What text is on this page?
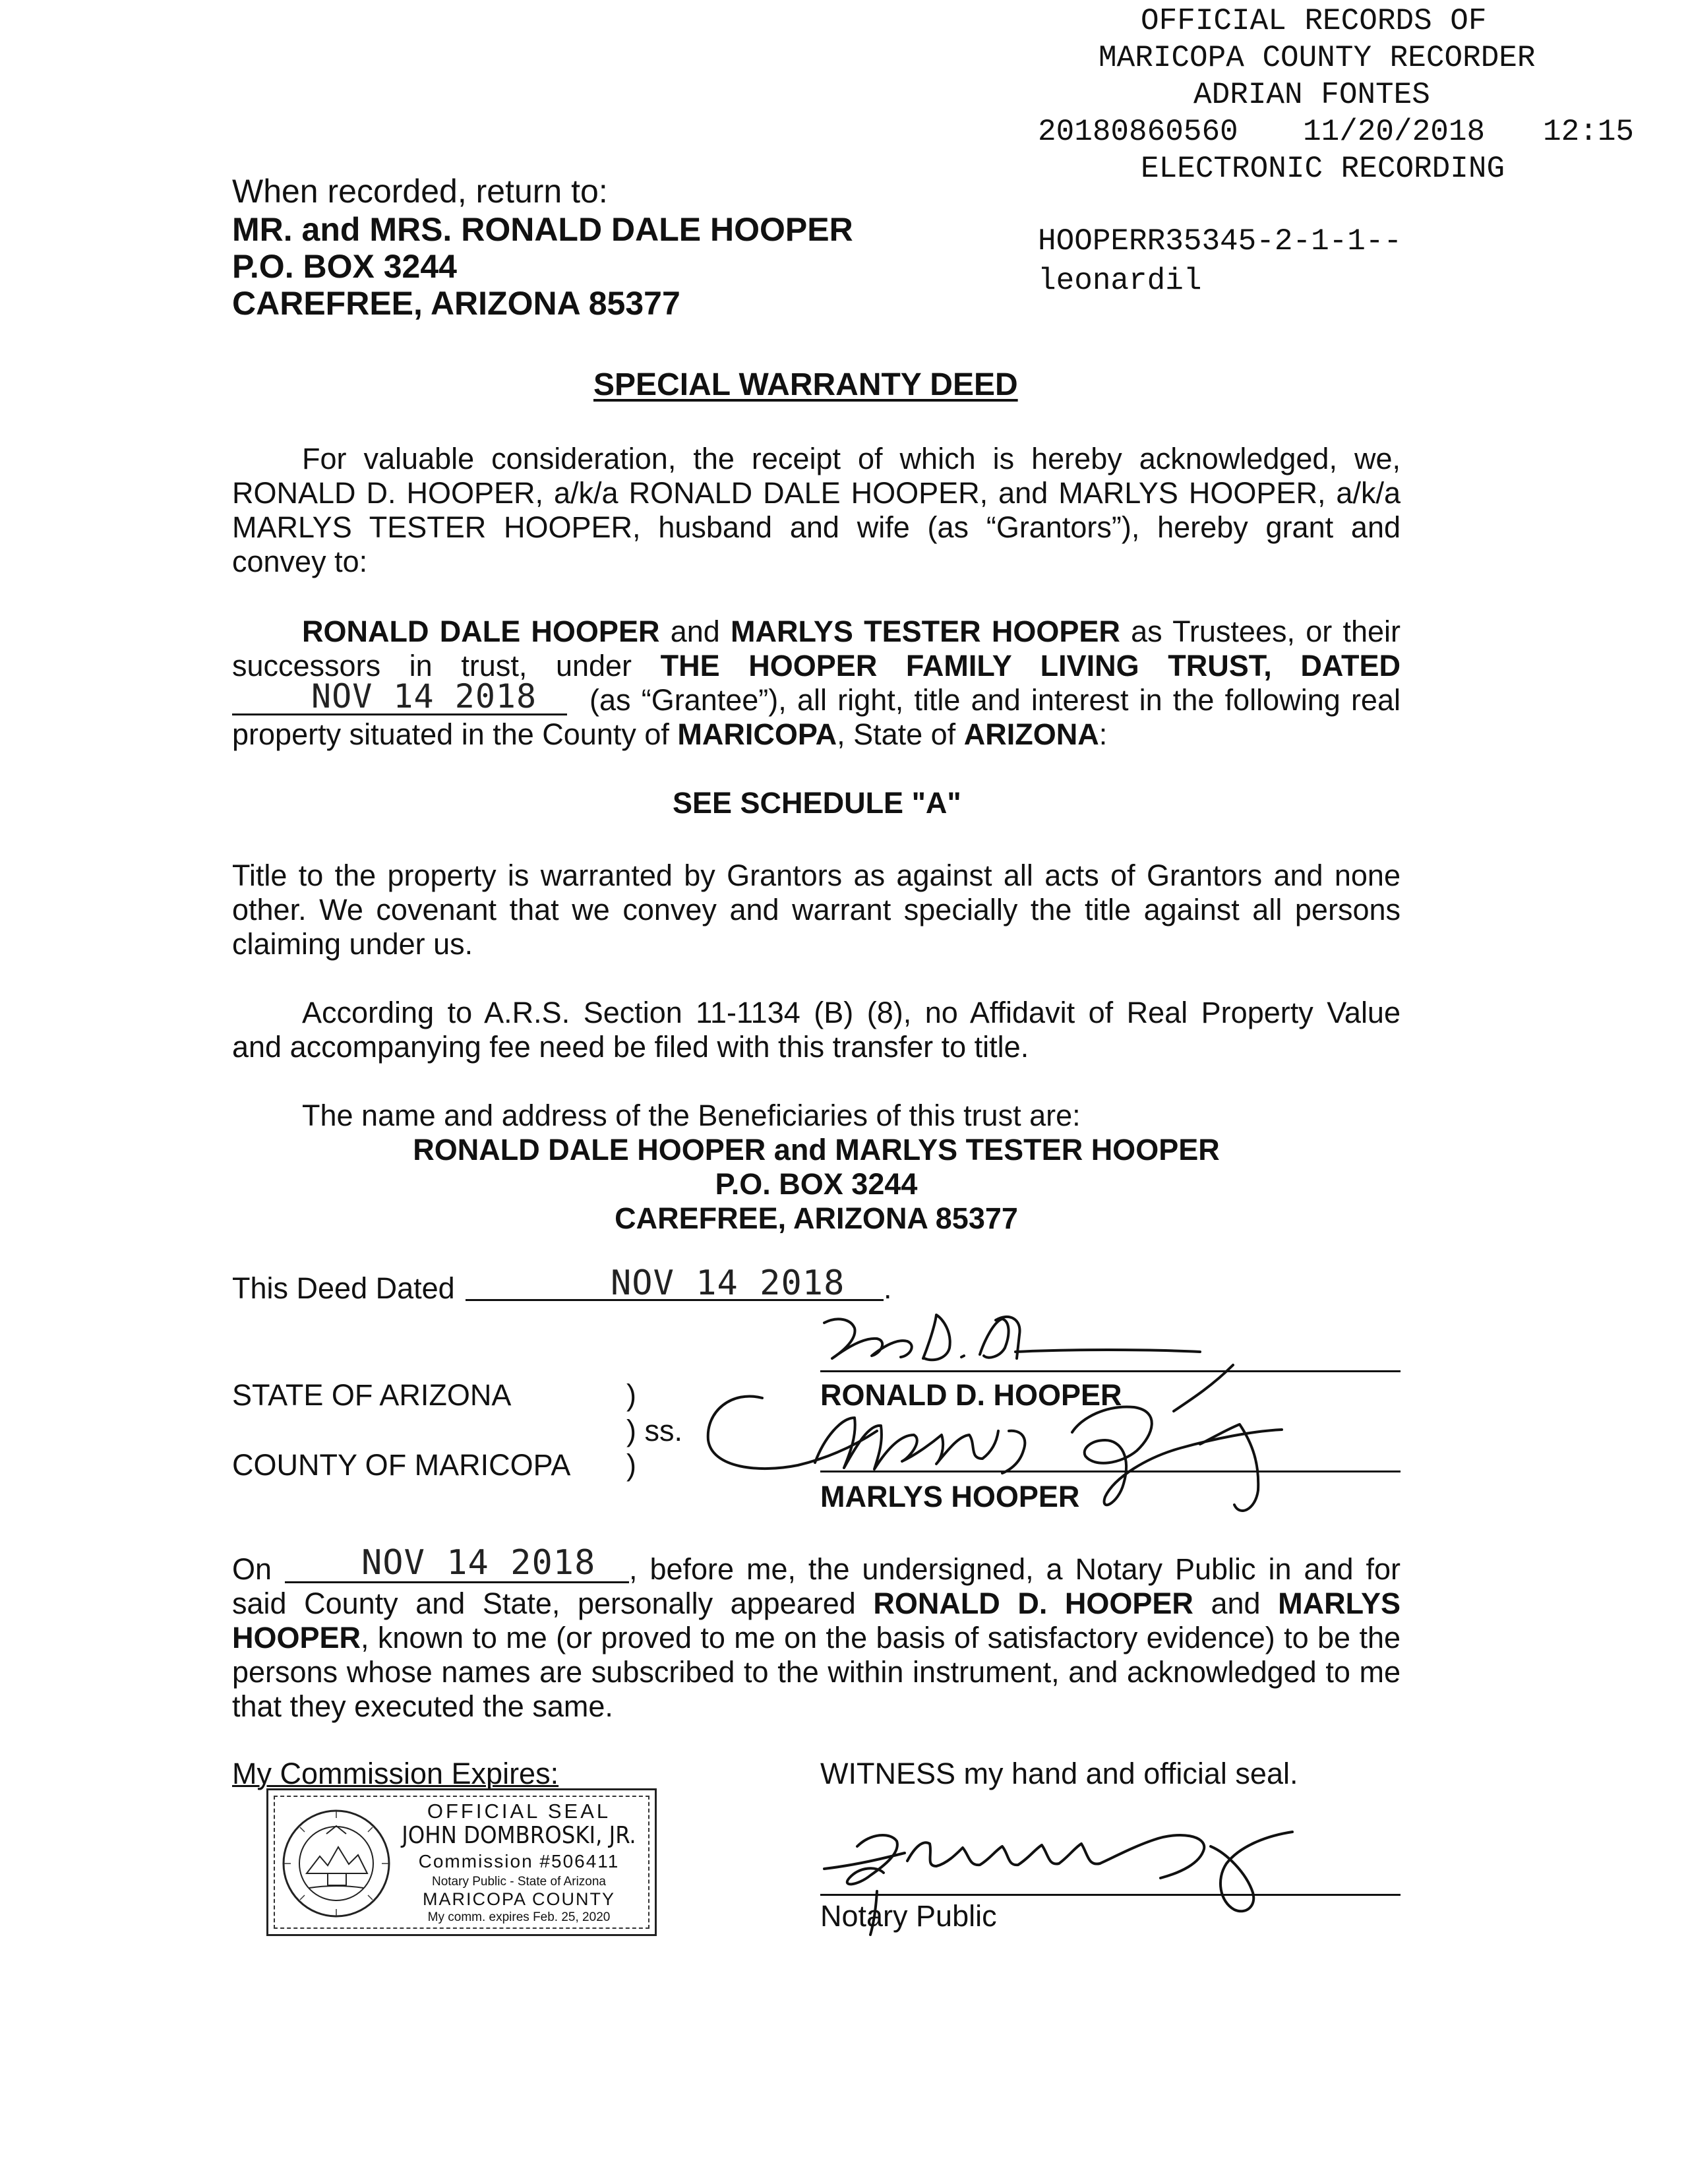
OFFICIAL RECORDS OF

MARICOPA COUNTY RECORDER

ADRIAN FONTES

20180860560

11/20/2018

12:15

ELECTRONIC RECORDING

HOOPERR35345-2-1-1--

leonardil

When recorded, return to:
MR. and MRS. RONALD DALE HOOPER
P.O. BOX 3244
CAREFREE, ARIZONA 85377
SPECIAL WARRANTY DEED
For valuable consideration, the receipt of which is hereby acknowledged, we,
RONALD D. HOOPER, a/k/a RONALD DALE HOOPER, and MARLYS HOOPER, a/k/a
MARLYS TESTER HOOPER, husband and wife (as “Grantors”), hereby grant and
convey to:
RONALD DALE HOOPER and MARLYS TESTER HOOPER as Trustees, or their
successors in trust, under THE HOOPER FAMILY LIVING TRUST, DATED
NOV 14 2018 (as “Grantee”), all right, title and interest in the following real
property situated in the County of MARICOPA, State of ARIZONA:
SEE SCHEDULE "A"
Title to the property is warranted by Grantors as against all acts of Grantors and none
other. We covenant that we convey and warrant specially the title against all persons
claiming under us.
According to A.R.S. Section 11-1134 (B) (8), no Affidavit of Real Property Value
and accompanying fee need be filed with this transfer to title.
The name and address of the Beneficiaries of this trust are:
RONALD DALE HOOPER and MARLYS TESTER HOOPER
P.O. BOX 3244
CAREFREE, ARIZONA 85377
This Deed Dated	NOV 14 2018 .
STATE OF ARIZONA
COUNTY OF MARICOPA
)
) ss.
)
RONALD D. HOOPER
MARLYS HOOPER
On	NOV 14 2018 , before me, the undersigned, a Notary Public in and for
said County and State, personally appeared RONALD D. HOOPER and MARLYS
HOOPER, known to me (or proved to me on the basis of satisfactory evidence) to be the
persons whose names are subscribed to the within instrument, and acknowledged to me
that they executed the same.
My Commission Expires:	WITNESS my hand and official seal.
Notary Public
OFFICIAL SEAL
JOHN DOMBROSKI, JR.
Commission #506411
Notary Public - State of Arizona
MARICOPA COUNTY
My comm. expires Feb. 25, 2020
